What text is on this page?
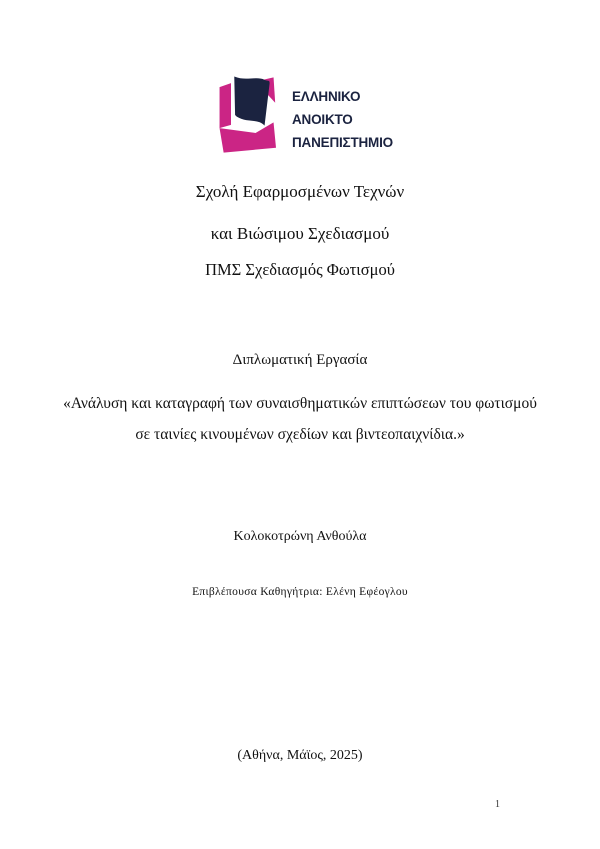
ΕΛΛΗΝΙΚΟ
ΑΝΟΙΚΤΟ
ΠΑΝΕΠΙΣΤΗΜΙΟ
Σχολή Εφαρμοσμένων Τεχνών
και Βιώσιμου Σχεδιασμού
ΠΜΣ Σχεδιασμός Φωτισμού
Διπλωματική Εργασία
«Ανάλυση και καταγραφή των συναισθηματικών επιπτώσεων του φωτισμού σε ταινίες κινουμένων σχεδίων και βιντεοπαιχνίδια.»
Κολοκοτρώνη Ανθούλα
Επιβλέπουσα Καθηγήτρια: Ελένη Εφέογλου
(Αθήνα, Μάϊος, 2025)
1
